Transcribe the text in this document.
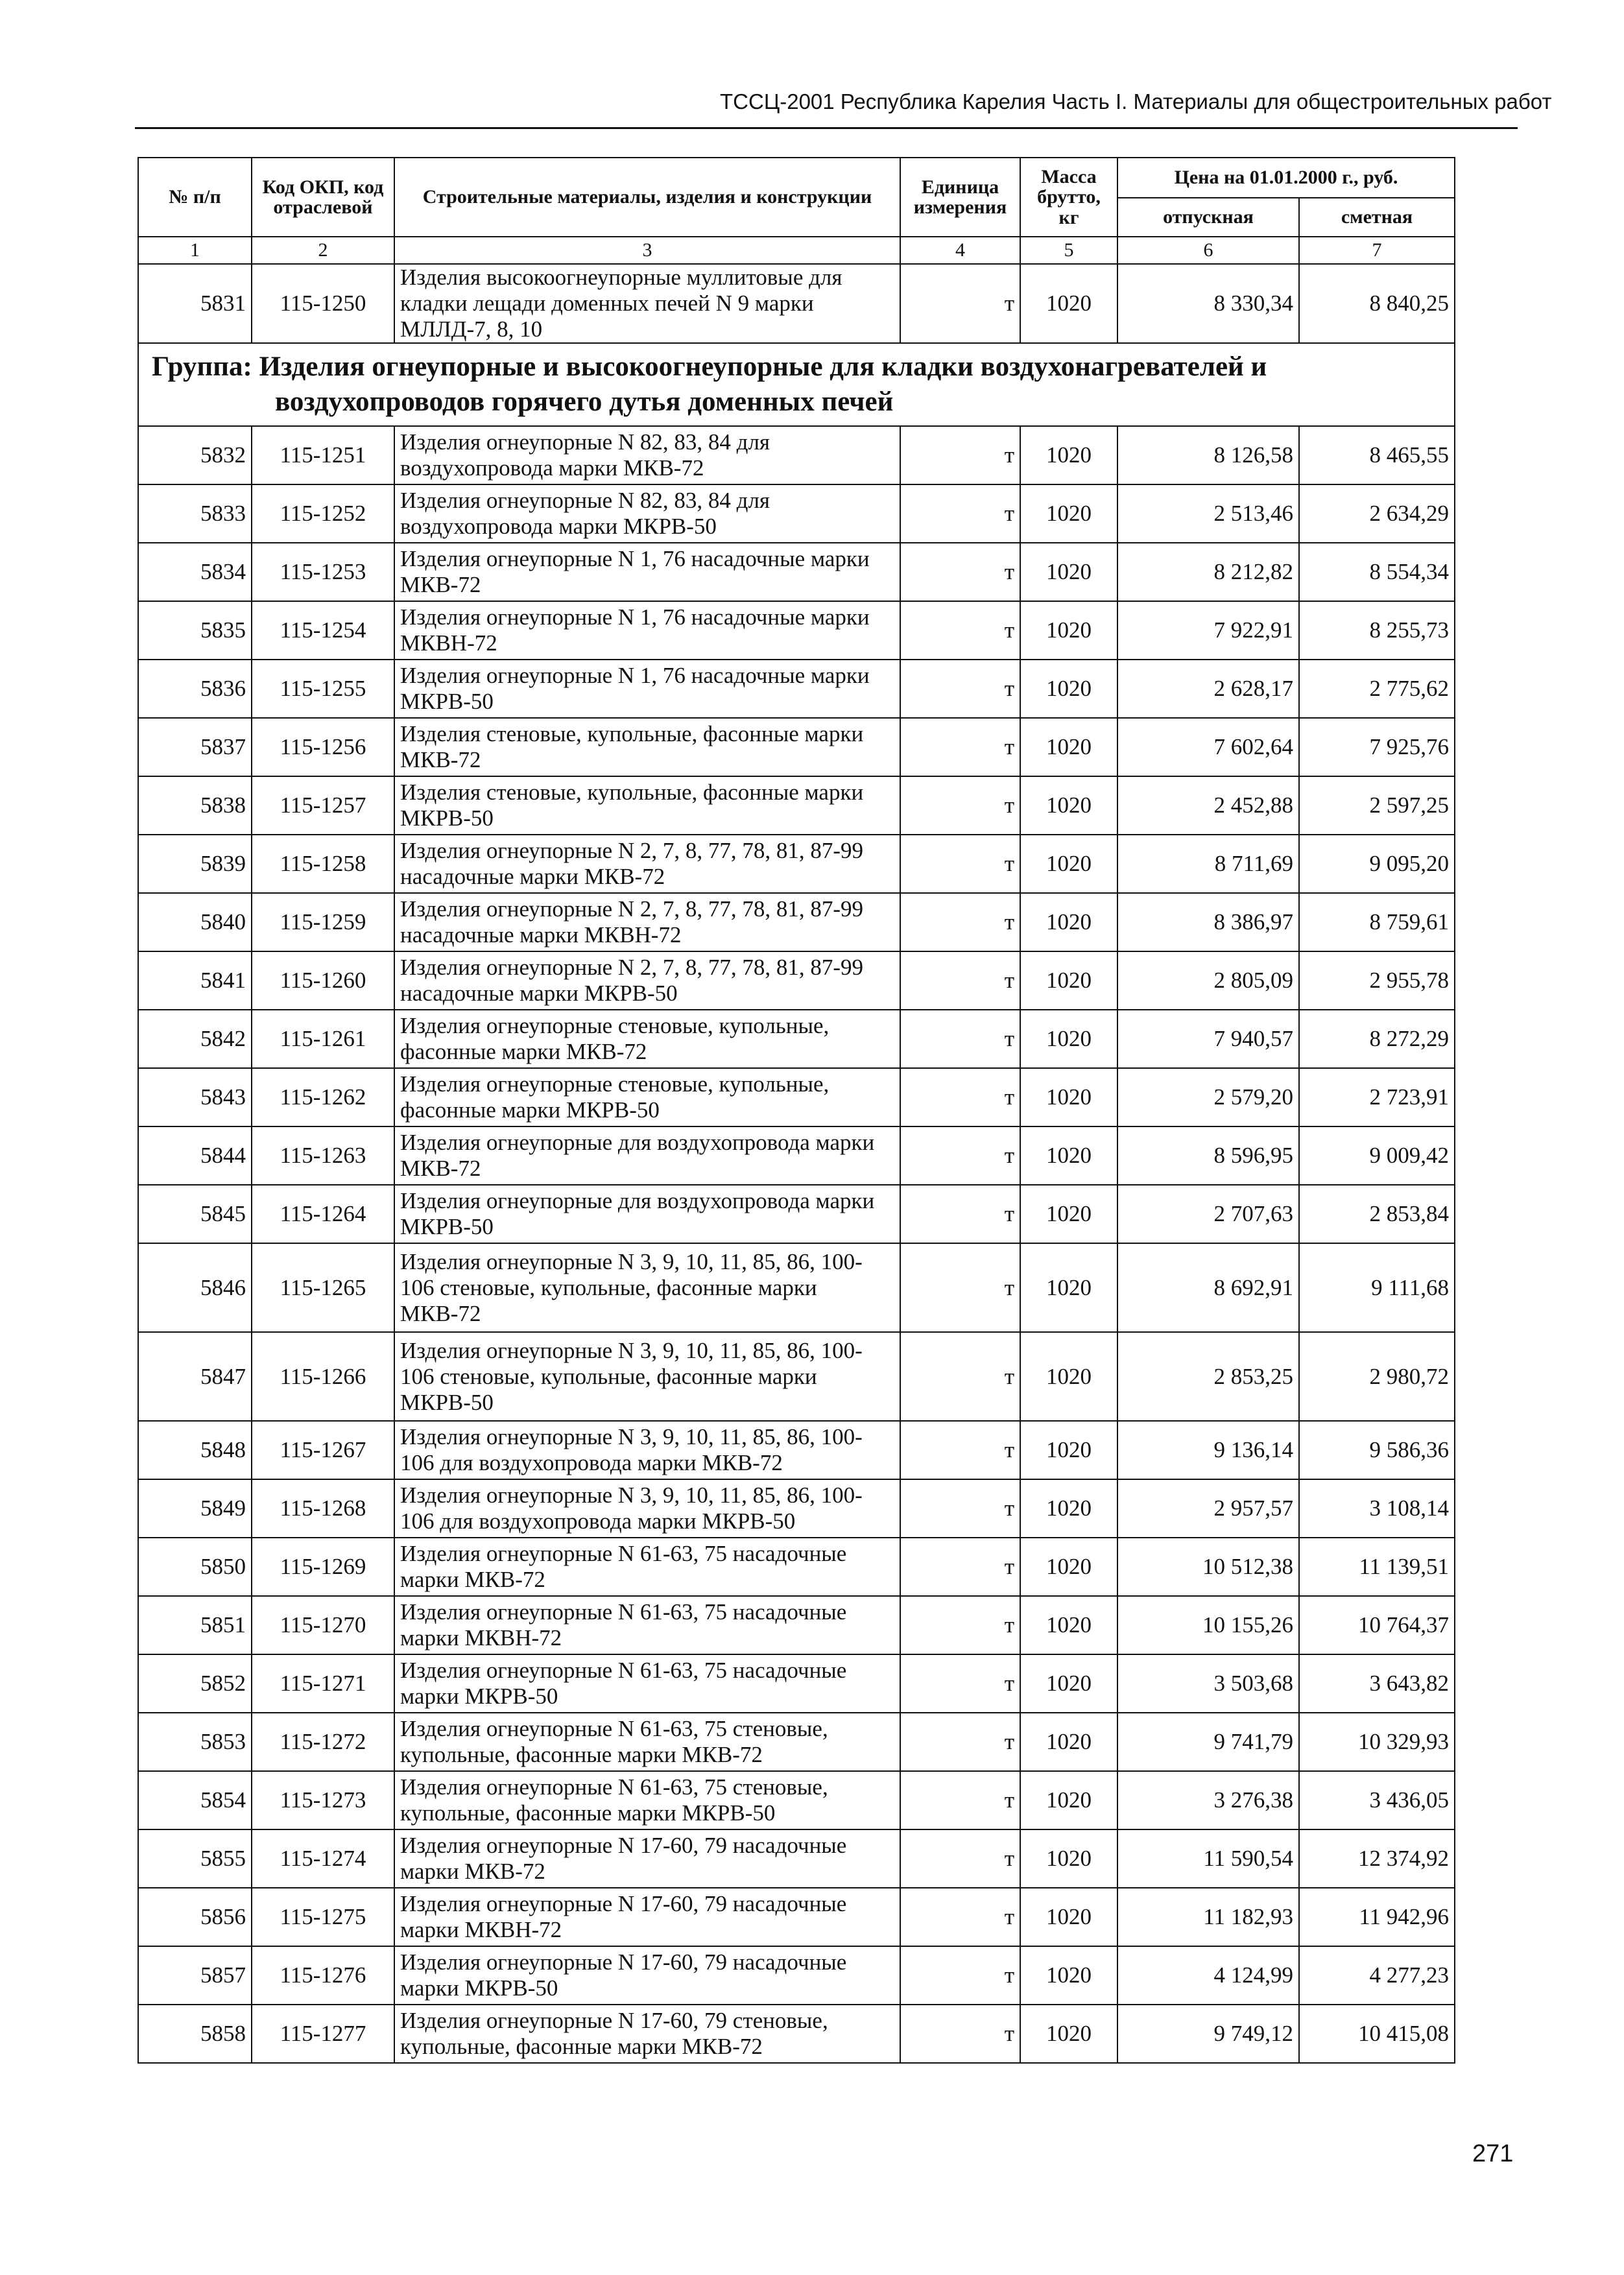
ТССЦ-2001 Республика Карелия Часть I. Материалы для общестроительных работ
№ п/п	Код ОКП, код отраслевой	Строительные материалы, изделия и конструкции	Единица измерения	Масса брутто, кг	Цена на 01.01.2000 г., руб.	
					отпускная	сметная
1	2	3	4	5	6	7
5831	115-1250	Изделия высокоогнеупорные муллитовые для кладки лещади доменных печей N 9 марки МЛЛД-7, 8, 10	т	1020	8 330,34	8 840,25
Группа: Изделия огнеупорные и высокоогнеупорные для кладки воздухонагревателей и
воздухопроводов горячего дутья доменных печей						

5832	115-1251	Изделия огнеупорные N 82, 83, 84 для воздухопровода марки МКВ-72	т	1020	8 126,58	8 465,55
5833	115-1252	Изделия огнеупорные N 82, 83, 84 для воздухопровода марки МКРВ-50	т	1020	2 513,46	2 634,29
5834	115-1253	Изделия огнеупорные N 1, 76 насадочные марки МКВ-72	т	1020	8 212,82	8 554,34
5835	115-1254	Изделия огнеупорные N 1, 76 насадочные марки МКВН-72	т	1020	7 922,91	8 255,73
5836	115-1255	Изделия огнеупорные N 1, 76 насадочные марки МКРВ-50	т	1020	2 628,17	2 775,62
5837	115-1256	Изделия стеновые, купольные, фасонные марки МКВ-72	т	1020	7 602,64	7 925,76
5838	115-1257	Изделия стеновые, купольные, фасонные марки МКРВ-50	т	1020	2 452,88	2 597,25
5839	115-1258	Изделия огнеупорные N 2, 7, 8, 77, 78, 81, 87-99 насадочные марки МКВ-72	т	1020	8 711,69	9 095,20
5840	115-1259	Изделия огнеупорные N 2, 7, 8, 77, 78, 81, 87-99 насадочные марки МКВН-72	т	1020	8 386,97	8 759,61
5841	115-1260	Изделия огнеупорные N 2, 7, 8, 77, 78, 81, 87-99 насадочные марки МКРВ-50	т	1020	2 805,09	2 955,78
5842	115-1261	Изделия огнеупорные стеновые, купольные, фасонные марки МКВ-72	т	1020	7 940,57	8 272,29
5843	115-1262	Изделия огнеупорные стеновые, купольные, фасонные марки МКРВ-50	т	1020	2 579,20	2 723,91
5844	115-1263	Изделия огнеупорные для воздухопровода марки МКВ-72	т	1020	8 596,95	9 009,42
5845	115-1264	Изделия огнеупорные для воздухопровода марки МКРВ-50	т	1020	2 707,63	2 853,84
5846	115-1265	Изделия огнеупорные N 3, 9, 10, 11, 85, 86, 100-106 стеновые, купольные, фасонные марки МКВ-72	т	1020	8 692,91	9 111,68
5847	115-1266	Изделия огнеупорные N 3, 9, 10, 11, 85, 86, 100-106 стеновые, купольные, фасонные марки МКРВ-50	т	1020	2 853,25	2 980,72
5848	115-1267	Изделия огнеупорные N 3, 9, 10, 11, 85, 86, 100-106 для воздухопровода марки МКВ-72	т	1020	9 136,14	9 586,36
5849	115-1268	Изделия огнеупорные N 3, 9, 10, 11, 85, 86, 100-106 для воздухопровода марки МКРВ-50	т	1020	2 957,57	3 108,14
5850	115-1269	Изделия огнеупорные N 61-63, 75 насадочные марки МКВ-72	т	1020	10 512,38	11 139,51
5851	115-1270	Изделия огнеупорные N 61-63, 75 насадочные марки МКВН-72	т	1020	10 155,26	10 764,37
5852	115-1271	Изделия огнеупорные N 61-63, 75 насадочные марки МКРВ-50	т	1020	3 503,68	3 643,82
5853	115-1272	Изделия огнеупорные N 61-63, 75 стеновые, купольные, фасонные марки МКВ-72	т	1020	9 741,79	10 329,93
5854	115-1273	Изделия огнеупорные N 61-63, 75 стеновые, купольные, фасонные марки МКРВ-50	т	1020	3 276,38	3 436,05
5855	115-1274	Изделия огнеупорные N 17-60, 79 насадочные марки МКВ-72	т	1020	11 590,54	12 374,92
5856	115-1275	Изделия огнеупорные N 17-60, 79 насадочные марки МКВН-72	т	1020	11 182,93	11 942,96
5857	115-1276	Изделия огнеупорные N 17-60, 79 насадочные марки МКРВ-50	т	1020	4 124,99	4 277,23
5858	115-1277	Изделия огнеупорные N 17-60, 79 стеновые, купольные, фасонные марки МКВ-72	т	1020	9 749,12	10 415,08
271
